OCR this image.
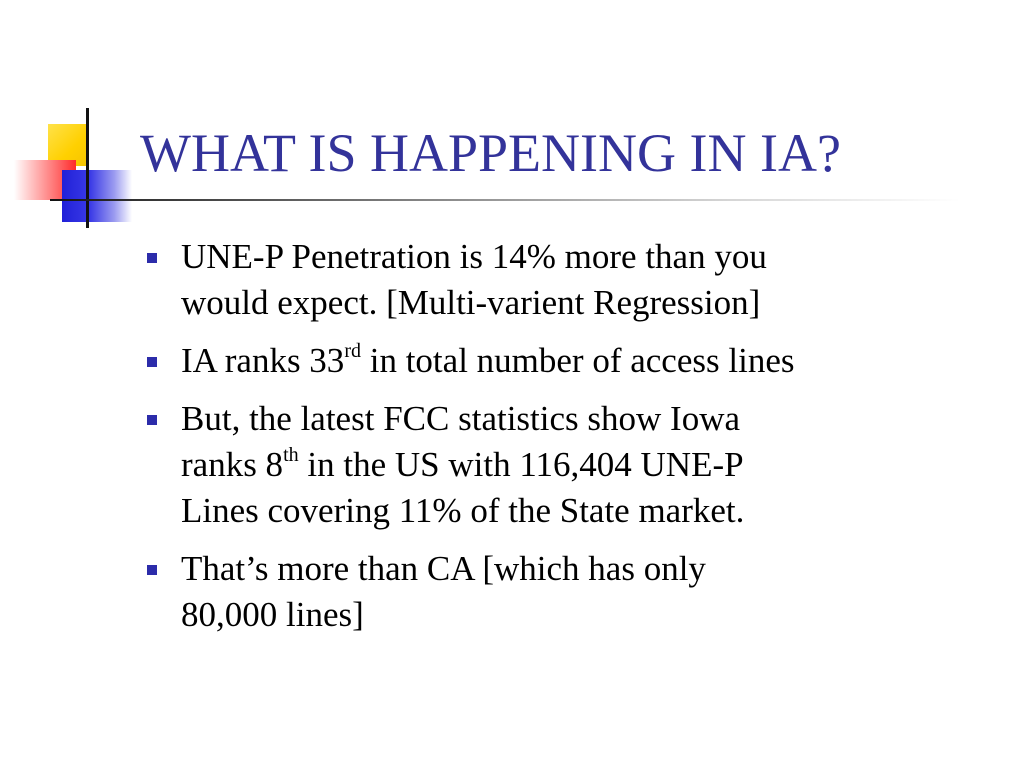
WHAT IS HAPPENING IN IA?
UNE-P Penetration is 14% more than you
would expect. [Multi-varient Regression]
IA ranks 33rd in total number of access lines
But, the latest FCC statistics show Iowa
ranks 8th in the US with 116,404 UNE-P
Lines covering 11% of the State market.
That’s more than CA [which has only
80,000 lines]
